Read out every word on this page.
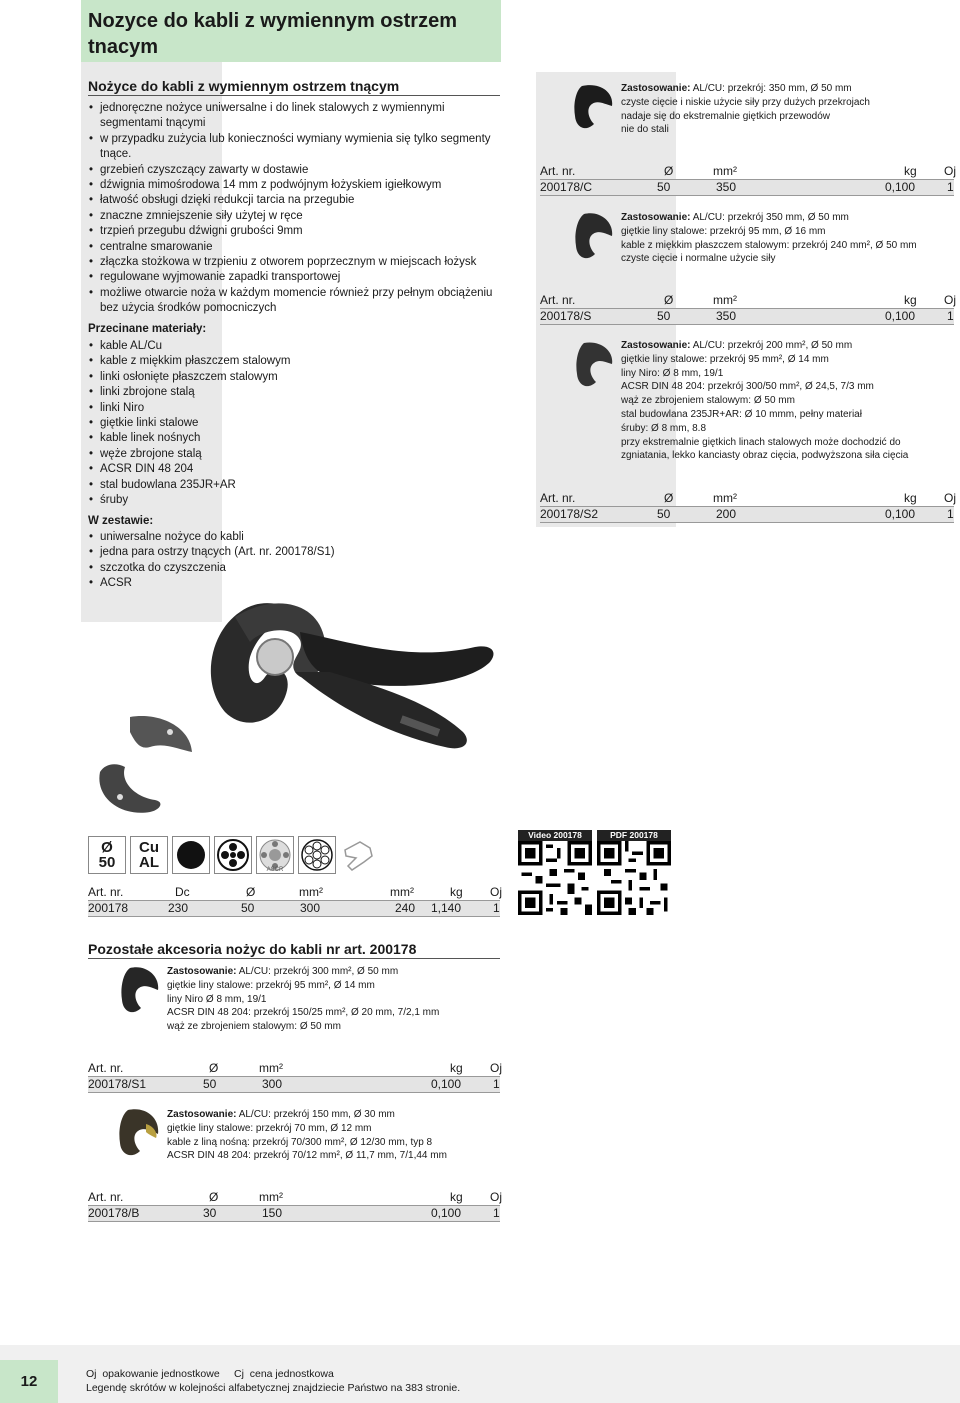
Nozyce do kabli z wymiennym ostrzem
tnacym
Nożyce do kabli z wymiennym ostrzem tnącym
• jednoręczne nożyce uniwersalne i do linek stalowych z wymiennymi segmentami tnącymi
• w przypadku zużycia lub konieczności wymiany wymienia się tylko segmenty tnące.
• grzebień czyszczący zawarty w dostawie
• dźwignia mimośrodowa 14 mm z podwójnym łożyskiem igiełkowym
• łatwość obsługi dzięki redukcji tarcia na przegubie
• znaczne zmniejszenie siły użytej w ręce
• trzpień przegubu dźwigni grubości 9mm
• centralne smarowanie
• złączka stożkowa w trzpieniu z otworem poprzecznym w miejscach łożysk
• regulowane wyjmowanie zapadki transportowej
• możliwe otwarcie noża w każdym momencie również przy pełnym obciążeniu bez użycia środków pomocniczych
Przecinane materiały:
• kable AL/Cu
• kable z miękkim płaszczem stalowym
• linki osłonięte płaszczem stalowym
• linki zbrojone stalą
• linki Niro
• giętkie linki stalowe
• kable linek nośnych
• węże zbrojone stalą
• ACSR DIN 48 204
• stal budowlana 235JR+AR
• śruby
W zestawie:
• uniwersalne nożyce do kabli
• jedna para ostrzy tnących (Art. nr. 200178/S1)
• szczotka do czyszczenia
• ACSR
Ø
50
Cu
AL	ASCR
Art. nr.	Dc	Ø	mm²	mm²	kg Oj
200178	230	50	300	240 1,140	1
Video 200178	PDF 200178
Zastosowanie: AL/CU: przekrój: 350 mm, Ø 50 mm
czyste cięcie i niskie użycie siły przy dużych przekrojach
nadaje się do ekstremalnie giętkich przewodów
nie do stali
Art. nr.	Ø	mm²	kg Oj
200178/C	50	350	0,100	1
Zastosowanie: AL/CU: przekrój 350 mm, Ø 50 mm
giętkie liny stalowe: przekrój 95 mm, Ø 16 mm
kable z miękkim płaszczem stalowym: przekrój 240 mm², Ø 50 mm
czyste cięcie i normalne użycie siły
Art. nr.	Ø	mm²	kg Oj
200178/S	50	350	0,100	1
Zastosowanie: AL/CU: przekrój 200 mm², Ø 50 mm
giętkie liny stalowe: przekrój 95 mm², Ø 14 mm
liny Niro: Ø 8 mm, 19/1
ACSR DIN 48 204: przekrój 300/50 mm², Ø 24,5, 7/3 mm
wąż ze zbrojeniem stalowym: Ø 50 mm
stal budowlana 235JR+AR: Ø 10 mmm, pełny materiał
śruby: Ø 8 mm, 8.8
przy ekstremalnie giętkich linach stalowych może dochodzić do
zgniatania, lekko kanciasty obraz cięcia, podwyższona siła cięcia
Art. nr.	Ø	mm²	kg Oj
200178/S2	50	200	0,100	1
Pozostałe akcesoria nożyc do kabli nr art. 200178
Zastosowanie: AL/CU: przekrój 300 mm², Ø 50 mm
giętkie liny stalowe: przekrój 95 mm², Ø 14 mm
liny Niro Ø 8 mm, 19/1
ACSR DIN 48 204: przekrój 150/25 mm², Ø 20 mm, 7/2,1 mm
wąż ze zbrojeniem stalowym: Ø 50 mm
Art. nr.	Ø	mm²	kg Oj
200178/S1	50	300	0,100	1
Zastosowanie: AL/CU: przekrój 150 mm, Ø 30 mm
giętkie liny stalowe: przekrój 70 mm, Ø 12 mm
kable z liną nośną: przekrój 70/300 mm², Ø 12/30 mm, typ 8
ACSR DIN 48 204: przekrój 70/12 mm², Ø 11,7 mm, 7/1,44 mm
Art. nr.	Ø	mm²	kg Oj
200178/B	30	150	0,100	1
12	Oj  opakowanie jednostkowe Cj  cena jednostkowa
Legendę skrótów w kolejności alfabetycznej znajdziecie Państwo na 383 stronie.
